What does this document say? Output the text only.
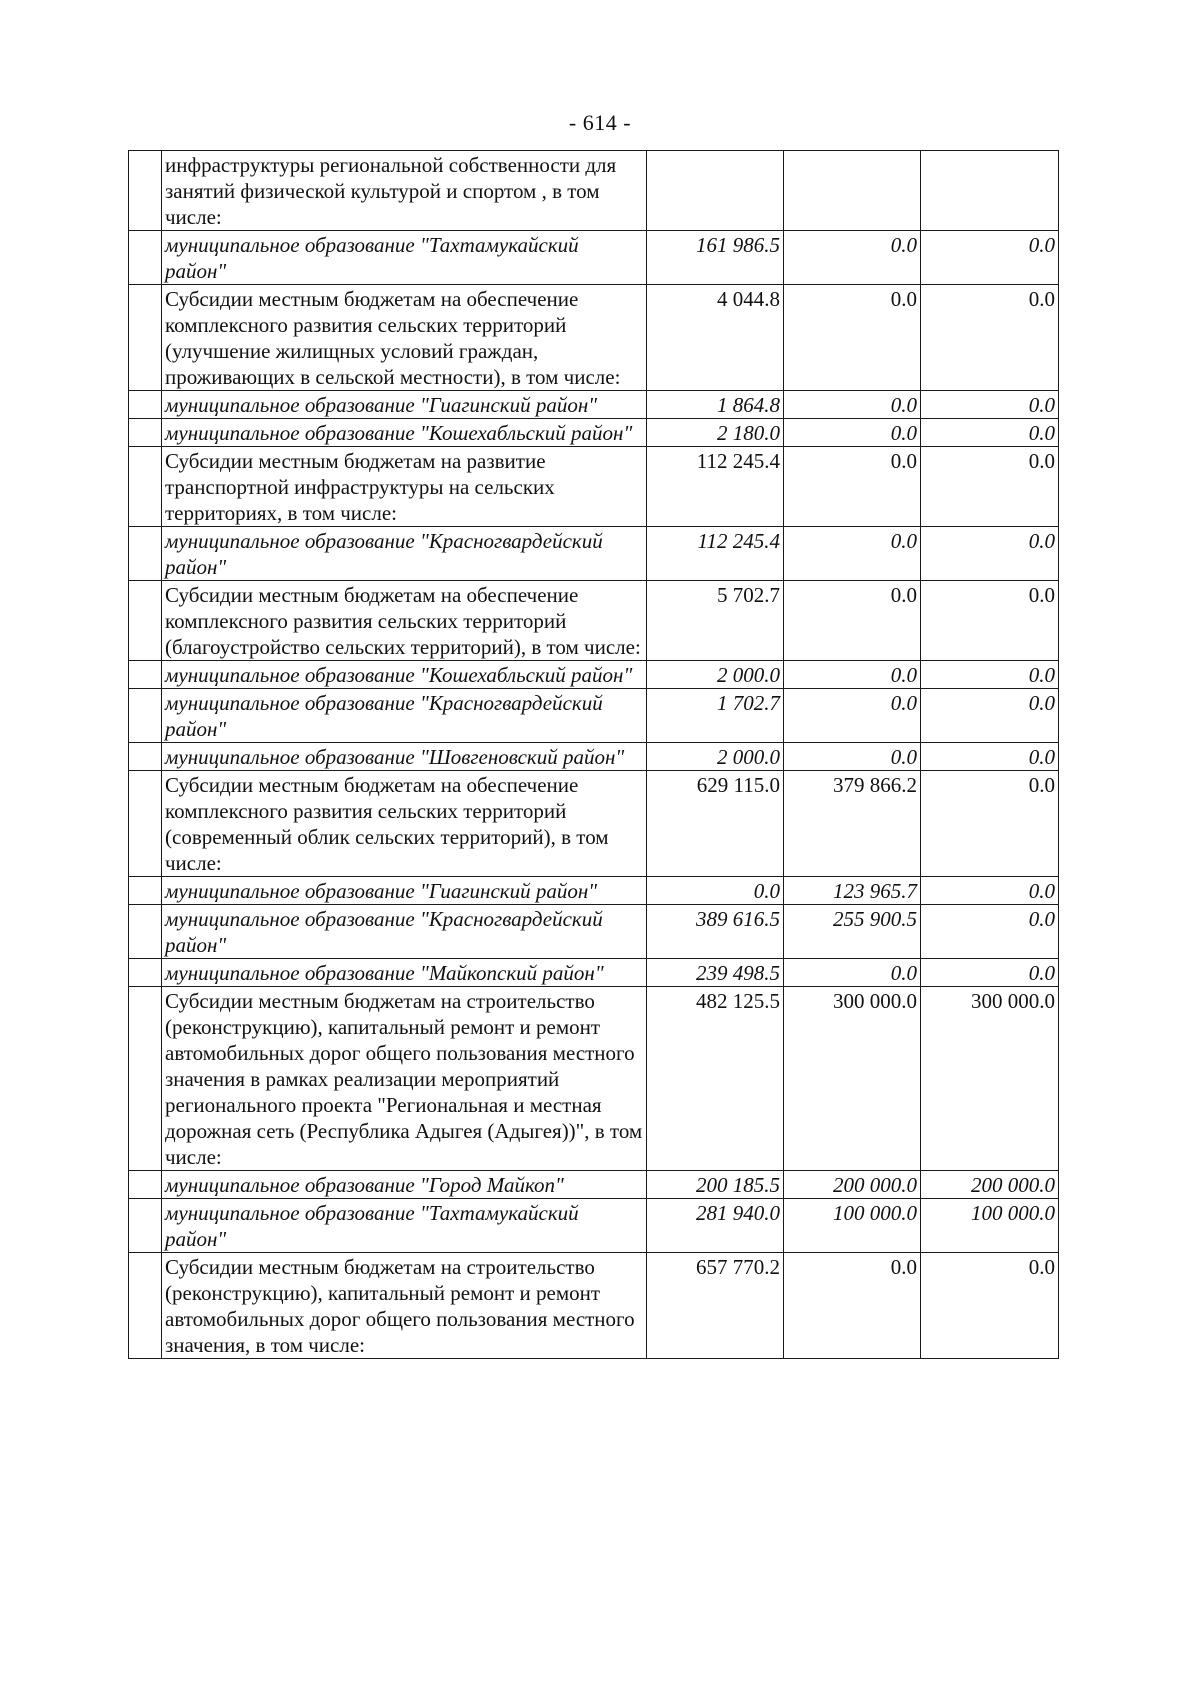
- 614 -
	инфраструктуры региональной собственности для занятий физической культурой и спортом , в том числе:			
	муниципальное образование "Тахтамукайский район"	161 986.5	0.0	0.0
	Субсидии местным бюджетам на обеспечение комплексного развития сельских территорий (улучшение жилищных условий граждан, проживающих в сельской местности), в том числе:	4 044.8	0.0	0.0
	муниципальное образование "Гиагинский район"	1 864.8	0.0	0.0
	муниципальное образование "Кошехабльский район"	2 180.0	0.0	0.0
	Субсидии местным бюджетам на развитие транспортной инфраструктуры на сельских территориях, в том числе:	112 245.4	0.0	0.0
	муниципальное образование "Красногвардейский район"	112 245.4	0.0	0.0
	Субсидии местным бюджетам на обеспечение комплексного развития сельских территорий (благоустройство сельских территорий), в том числе:	5 702.7	0.0	0.0
	муниципальное образование "Кошехабльский район"	2 000.0	0.0	0.0
	муниципальное образование "Красногвардейский район"	1 702.7	0.0	0.0
	муниципальное образование "Шовгеновский район"	2 000.0	0.0	0.0
	Субсидии местным бюджетам на обеспечение комплексного развития сельских территорий (современный облик сельских территорий), в том числе:	629 115.0	379 866.2	0.0
	муниципальное образование "Гиагинский район"	0.0	123 965.7	0.0
	муниципальное образование "Красногвардейский район"	389 616.5	255 900.5	0.0
	муниципальное образование "Майкопский район"	239 498.5	0.0	0.0
	Субсидии местным бюджетам на строительство (реконструкцию), капитальный ремонт и ремонт автомобильных дорог общего пользования местного значения в рамках реализации мероприятий регионального проекта "Региональная и местная дорожная сеть (Республика Адыгея (Адыгея))", в том числе:	482 125.5	300 000.0	300 000.0
	муниципальное образование "Город Майкоп"	200 185.5	200 000.0	200 000.0
	муниципальное образование "Тахтамукайский район"	281 940.0	100 000.0	100 000.0
	Субсидии местным бюджетам на строительство (реконструкцию), капитальный ремонт и ремонт автомобильных дорог общего пользования местного значения, в том числе:	657 770.2	0.0	0.0
